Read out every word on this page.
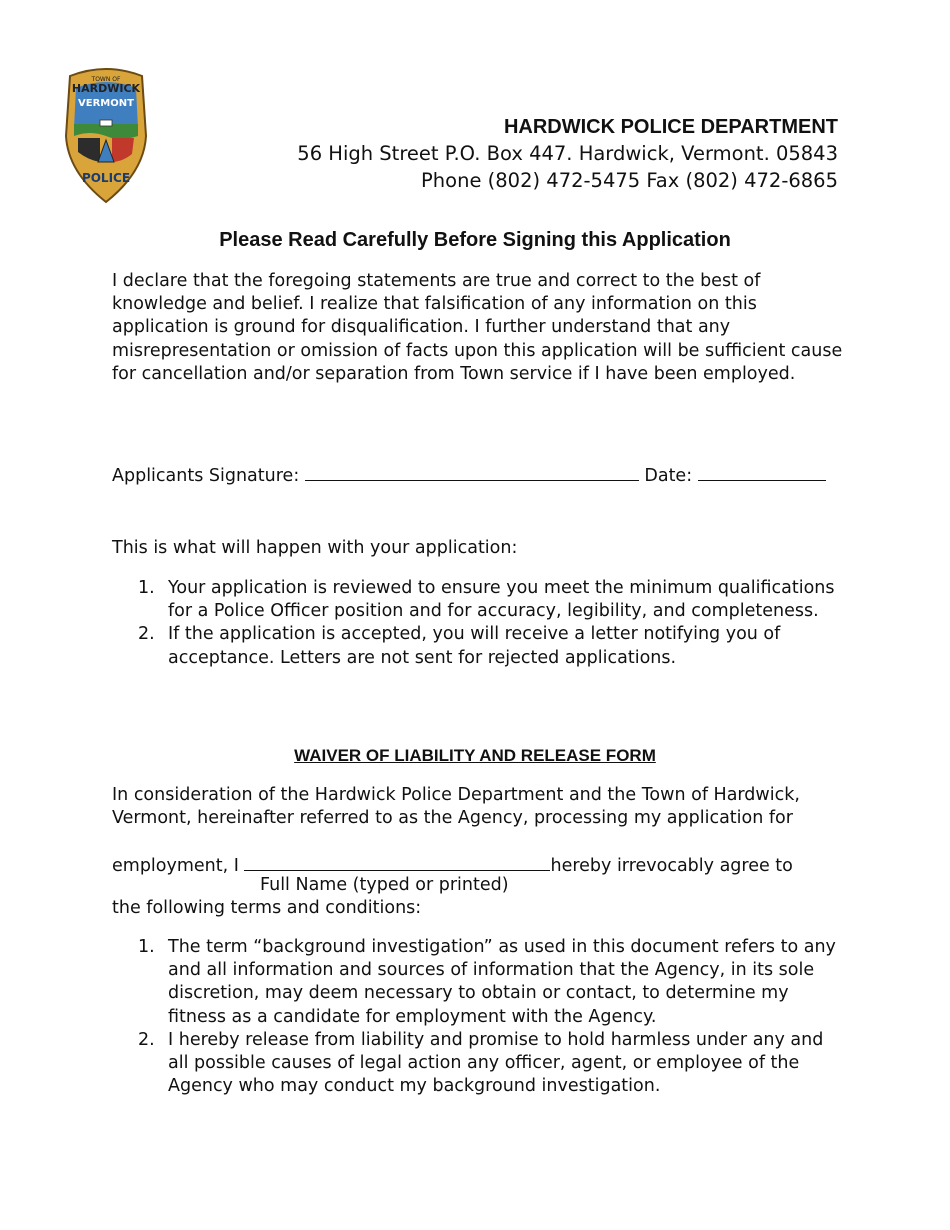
TOWN OF
HARDWICK
VERMONT
POLICE
HARDWICK POLICE DEPARTMENT
56 High Street P.O. Box 447. Hardwick, Vermont. 05843
Phone (802) 472-5475 Fax (802) 472-6865
Please Read Carefully Before Signing this Application
I declare that the foregoing statements are true and correct to the best of knowledge and belief. I realize that falsification of any information on this application is ground for disqualification. I further understand that any misrepresentation or omission of facts upon this application will be sufficient cause for cancellation and/or separation from Town service if I have been employed.
Applicants Signature:	Date:
This is what will happen with your application:
1. Your application is reviewed to ensure you meet the minimum qualifications for a Police Officer position and for accuracy, legibility, and completeness.
2. If the application is accepted, you will receive a letter notifying you of acceptance. Letters are not sent for rejected applications.
WAIVER OF LIABILITY AND RELEASE FORM
In consideration of the Hardwick Police Department and the Town of Hardwick, Vermont, hereinafter referred to as the Agency, processing my application for
employment, I	hereby irrevocably agree to
Full Name (typed or printed)
the following terms and conditions:
1. The term “background investigation” as used in this document refers to any and all information and sources of information that the Agency, in its sole discretion, may deem necessary to obtain or contact, to determine my fitness as a candidate for employment with the Agency.
2. I hereby release from liability and promise to hold harmless under any and all possible causes of legal action any officer, agent, or employee of the Agency who may conduct my background investigation.
